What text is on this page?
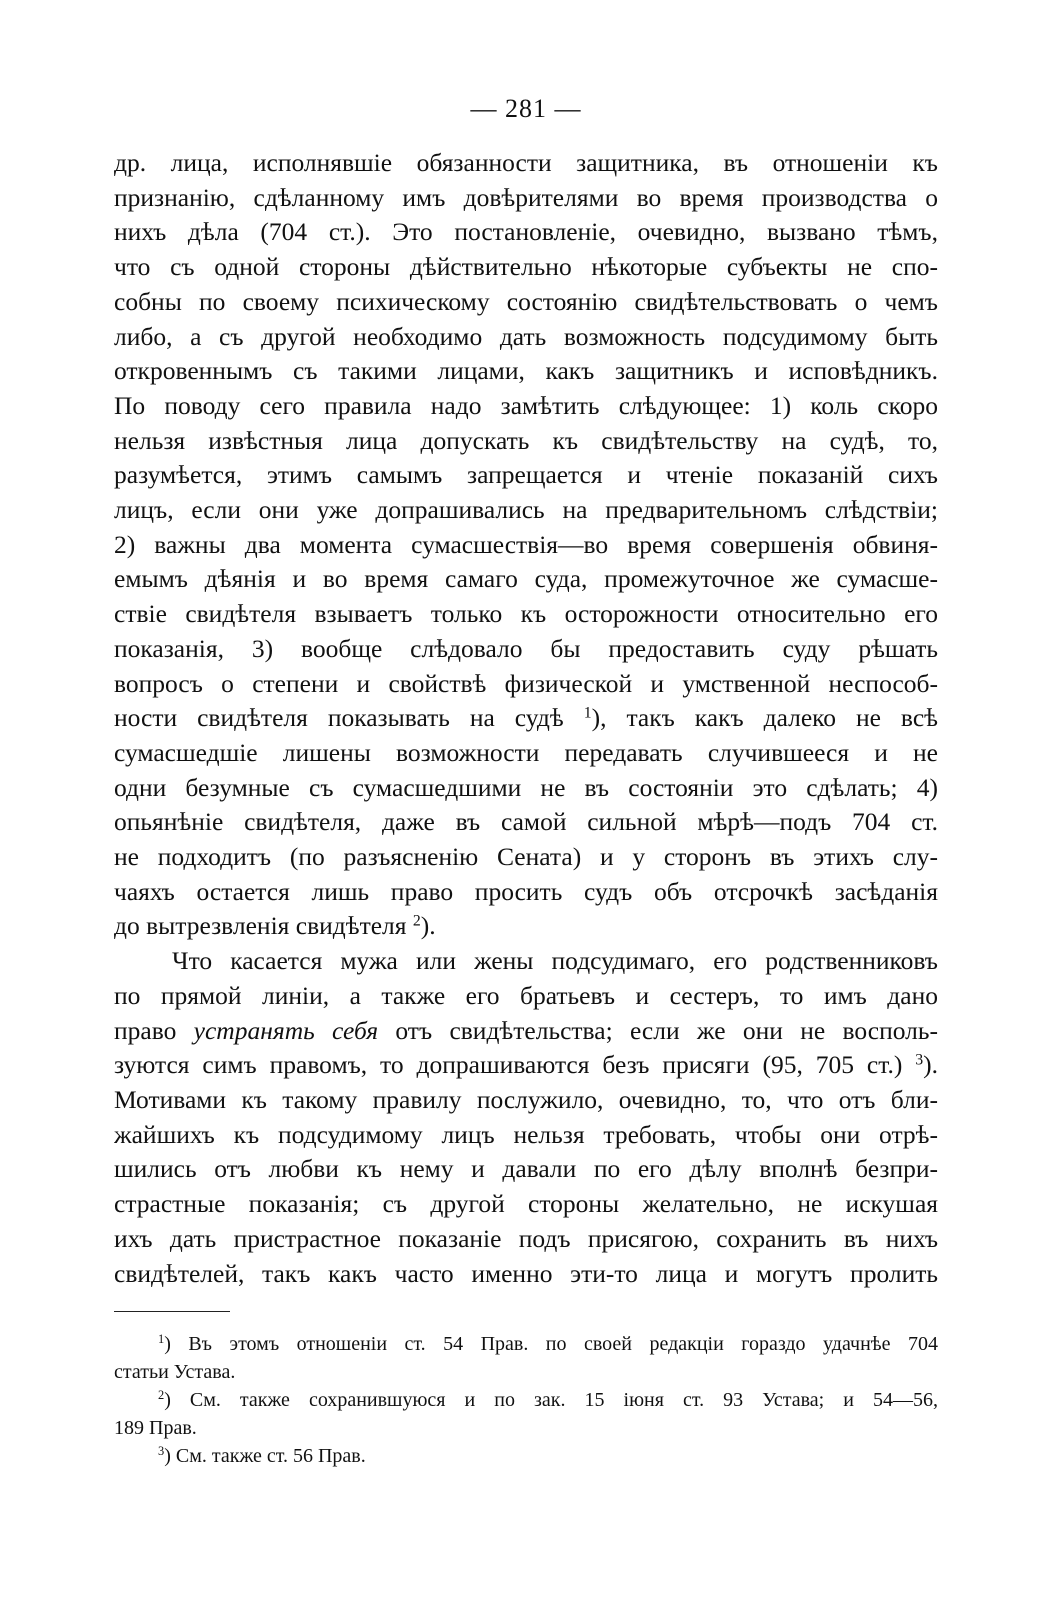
— 281 —
др. лица, исполнявшіе обязанности защитника, въ отношеніи къ
признанію, сдѣланному имъ довѣрителями во время производства о
нихъ дѣла (704 ст.). Это постановленіе, очевидно, вызвано тѣмъ,
что съ одной стороны дѣйствительно нѣкоторые субъекты не спо-
собны по своему психическому состоянію свидѣтельствовать о чемъ
либо, а съ другой необходимо дать возможность подсудимому быть
откровеннымъ съ такими лицами, какъ защитникъ и исповѣдникъ.
По поводу сего правила надо замѣтить слѣдующее: 1) коль скоро
нельзя извѣстныя лица допускать къ свидѣтельству на судѣ, то,
разумѣется, этимъ самымъ запрещается и чтеніе показаній сихъ
лицъ, если они уже допрашивались на предварительномъ слѣдствіи;
2) важны два момента сумасшествія—во время совершенія обвиня-
емымъ дѣянія и во время самаго суда, промежуточное же сумасше-
ствіе свидѣтеля взываетъ только къ осторожности относительно его
показанія, 3) вообще слѣдовало бы предоставить суду рѣшать
вопросъ о степени и свойствѣ физической и умственной неспособ-
ности свидѣтеля показывать на судѣ $^1$), такъ какъ далеко не всѣ
сумасшедшіе лишены возможности передавать случившееся и не
одни безумные съ сумасшедшими не въ состояніи это сдѣлать; 4)
опьянѣніе свидѣтеля, даже въ самой сильной мѣрѣ—подъ 704 ст.
не подходитъ (по разъясненію Сената) и у сторонъ въ этихъ слу-
чаяхъ остается лишь право просить судъ объ отсрочкѣ засѣданія
до вытрезвленія свидѣтеля $^2$).
Что касается мужа или жены подсудимаго, его родственниковъ
по прямой линіи, а также его братьевъ и сестеръ, то имъ дано
право устранять себя отъ свидѣтельства; если же они не восполь-
зуются симъ правомъ, то допрашиваются безъ присяги (95, 705 ст.) $^3$).
Мотивами къ такому правилу послужило, очевидно, то, что отъ бли-
жайшихъ къ подсудимому лицъ нельзя требовать, чтобы они отрѣ-
шились отъ любви къ нему и давали по его дѣлу вполнѣ безпри-
страстные показанія; съ другой стороны желательно, не искушая
ихъ дать пристрастное показаніе подъ присягою, сохранить въ нихъ
свидѣтелей, такъ какъ часто именно эти-то лица и могутъ пролить
$^1$) Въ этомъ отношеніи ст. 54 Прав. по своей редакціи гораздо удачнѣе 704
статьи Устава.
$^2$) См. также сохранившуюся и по зак. 15 іюня ст. 93 Устава; и 54—56,
189 Прав.
$^3$) См. также ст. 56 Прав.
